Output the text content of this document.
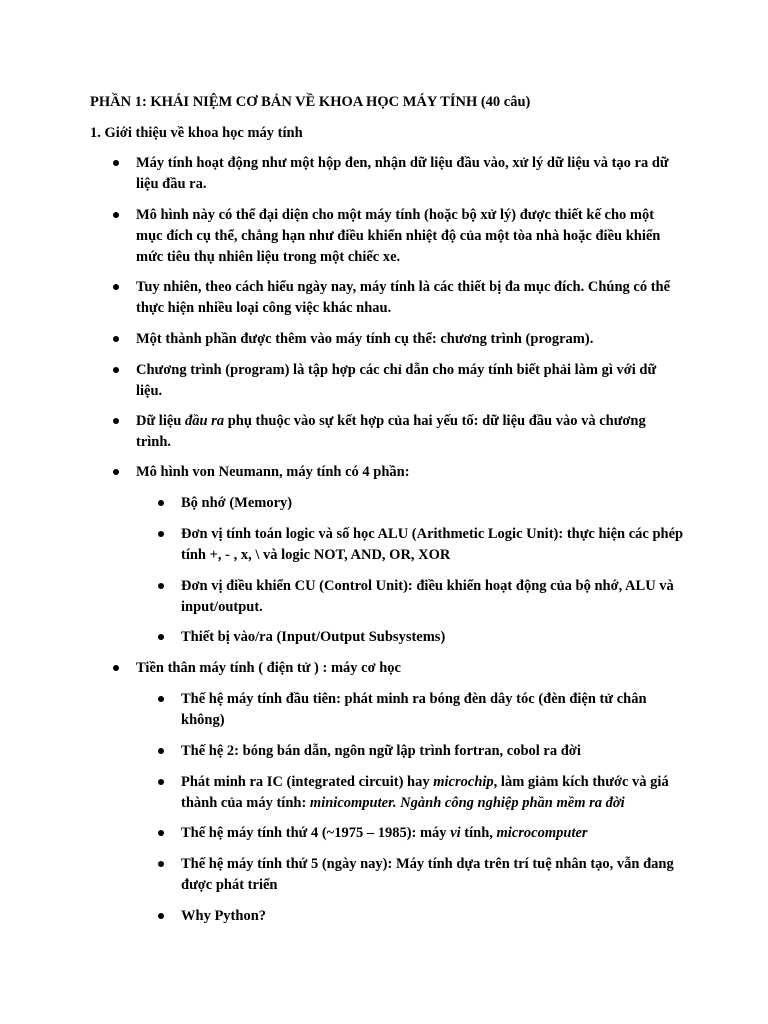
PHẦN 1: KHÁI NIỆM CƠ BẢN VỀ KHOA HỌC MÁY TÍNH (40 câu)
1. Giới thiệu về khoa học máy tính

Máy tính hoạt động như một hộp đen, nhận dữ liệu đầu vào, xử lý dữ liệu và tạo ra dữ liệu đầu ra.

Mô hình này có thể đại diện cho một máy tính (hoặc bộ xử lý) được thiết kế cho một mục đích cụ thể, chẳng hạn như điều khiển nhiệt độ của một tòa nhà hoặc điều khiển mức tiêu thụ nhiên liệu trong một chiếc xe.

Tuy nhiên, theo cách hiểu ngày nay, máy tính là các thiết bị đa mục đích. Chúng có thể thực hiện nhiều loại công việc khác nhau.

Một thành phần được thêm vào máy tính cụ thể: chương trình (program).

Chương trình (program) là tập hợp các chỉ dẫn cho máy tính biết phải làm gì với dữ liệu.

Dữ liệu đầu ra phụ thuộc vào sự kết hợp của hai yếu tố: dữ liệu đầu vào và chương trình.

Mô hình von Neumann, máy tính có 4 phần:

Bộ nhớ (Memory)

Đơn vị tính toán logic và số học ALU (Arithmetic Logic Unit): thực hiện các phép tính +, - , x, \ và logic NOT, AND, OR, XOR

Đơn vị điều khiển CU (Control Unit): điều khiển hoạt động của bộ nhớ, ALU và input/output.

Thiết bị vào/ra (Input/Output Subsystems)

Tiền thân máy tính ( điện tử ) : máy cơ học

Thế hệ máy tính đầu tiên: phát minh ra bóng đèn dây tóc (đèn điện tử chân không)

Thế hệ 2: bóng bán dẫn, ngôn ngữ lập trình fortran, cobol ra đời

Phát minh ra IC (integrated circuit) hay microchip, làm giảm kích thước và giá thành của máy tính: minicomputer. Ngành công nghiệp phần mềm ra đời

Thế hệ máy tính thứ 4 (~1975 – 1985): máy vi tính, microcomputer

Thế hệ máy tính thứ 5 (ngày nay): Máy tính dựa trên trí tuệ nhân tạo, vẫn đang được phát triển

Why Python?
